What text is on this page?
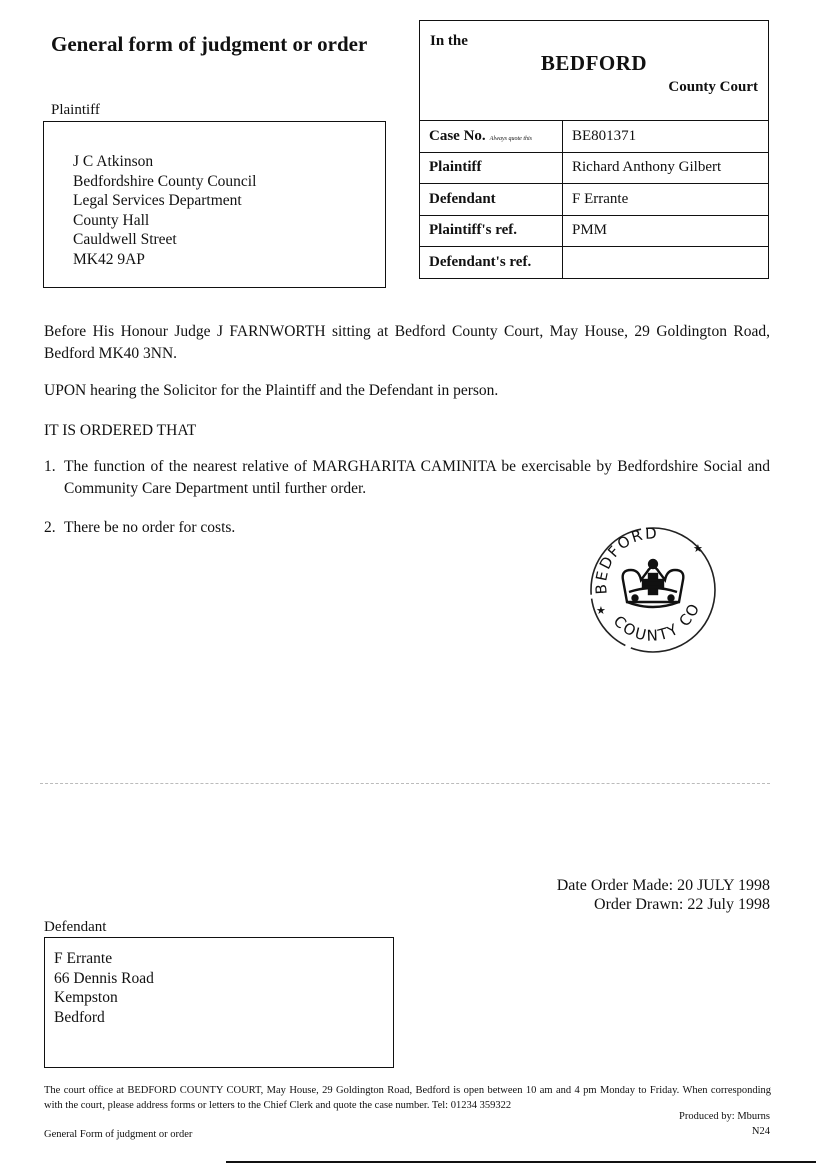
General form of judgment or order
Plaintiff
J C Atkinson
Bedfordshire County Council
Legal Services Department
County Hall
Cauldwell Street
MK42 9AP
In the
BEDFORD
County Court
Case No. Always quote this	BE801371
Plaintiff	Richard Anthony Gilbert
Defendant	F Errante
Plaintiff's ref.	PMM
Defendant's ref.	
Before His Honour Judge J FARNWORTH sitting at Bedford County Court, May House, 29 Goldington Road, Bedford MK40 3NN.
UPON hearing the Solicitor for the Plaintiff and the Defendant in person.
IT IS ORDERED THAT
1. The function of the nearest relative of MARGHARITA CAMINITA be exercisable by Bedfordshire Social and Community Care Department until further order.
2. There be no order for costs.
BEDFORD
COUNTY CO
★
★
Date Order Made: 20 JULY 1998
Order Drawn: 22 July 1998
Defendant
F Errante
66 Dennis Road
Kempston
Bedford
The court office at BEDFORD COUNTY COURT, May House, 29 Goldington Road, Bedford is open between 10 am and 4 pm Monday to Friday. When corresponding with the court, please address forms or letters to the Chief Clerk and quote the case number. Tel: 01234 359322
Produced by: Mburns
N24
General Form of judgment or order
